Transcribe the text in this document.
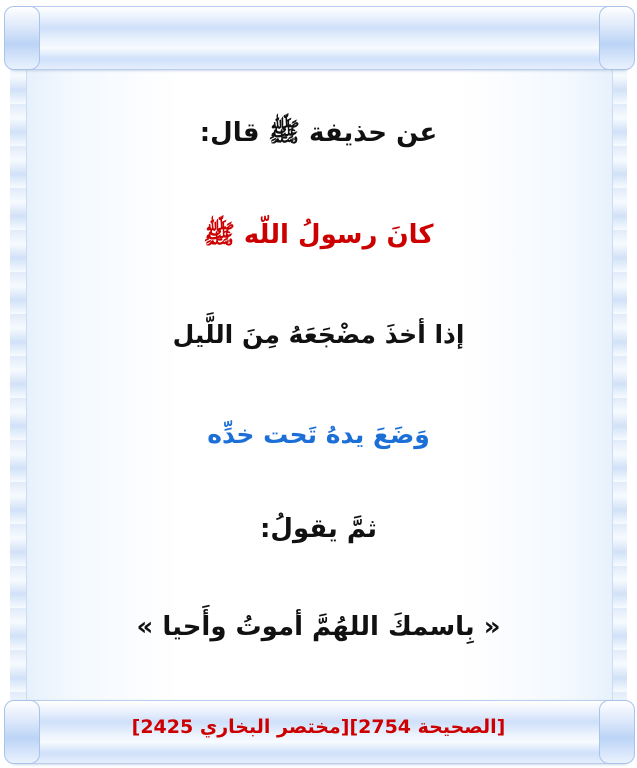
عن حذيفة ﷺ قال:
كانَ رسولُ اللّه ﷺ
إذا أخذَ مضْجَعَهُ مِنَ اللَّيل
وَضَعَ يدهُ تَحت خدِّه
ثمَّ يقولُ:
« بِاسمكَ اللهُمَّ أموتُ وأَحيا »
[الصحيحة 2754][مختصر البخاري 2425]
